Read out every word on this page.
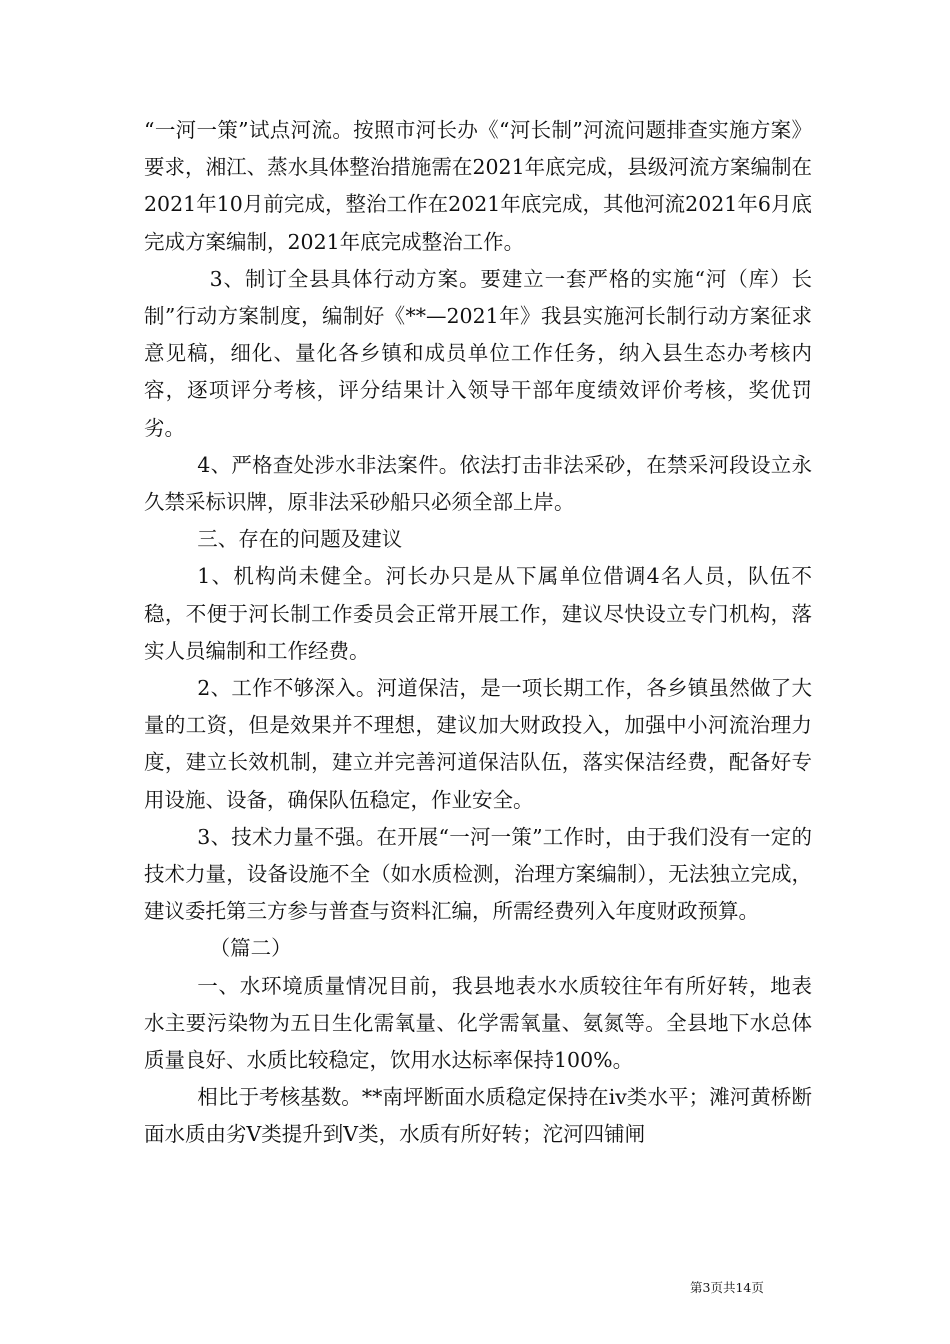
“一河一策”试点河流。按照市河长办《“河长制”河流问题排查实施方案》要求，湘江、蒸水具体整治措施需在2021年底完成，县级河流方案编制在2021年10月前完成，整治工作在2021年底完成，其他河流2021年6月底完成方案编制，2021年底完成整治工作。

3、制订全县具体行动方案。要建立一套严格的实施“河（库）长制”行动方案制度，编制好《**—2021年》我县实施河长制行动方案征求意见稿，细化、量化各乡镇和成员单位工作任务，纳入县生态办考核内容，逐项评分考核，评分结果计入领导干部年度绩效评价考核，奖优罚劣。

4、严格查处涉水非法案件。依法打击非法采砂，在禁采河段设立永久禁采标识牌，原非法采砂船只必须全部上岸。

三、存在的问题及建议

1、机构尚未健全。河长办只是从下属单位借调4名人员，队伍不稳，不便于河长制工作委员会正常开展工作，建议尽快设立专门机构，落实人员编制和工作经费。

2、工作不够深入。河道保洁，是一项长期工作，各乡镇虽然做了大量的工资，但是效果并不理想，建议加大财政投入，加强中小河流治理力度，建立长效机制，建立并完善河道保洁队伍，落实保洁经费，配备好专用设施、设备，确保队伍稳定，作业安全。

3、技术力量不强。在开展“一河一策”工作时，由于我们没有一定的技术力量，设备设施不全（如水质检测，治理方案编制），无法独立完成，建议委托第三方参与普查与资料汇编，所需经费列入年度财政预算。

（篇二）

一、水环境质量情况目前，我县地表水水质较往年有所好转，地表水主要污染物为五日生化需氧量、化学需氧量、氨氮等。全县地下水总体质量良好、水质比较稳定，饮用水达标率保持100%。

相比于考核基数。**南坪断面水质稳定保持在iv类水平；滩河黄桥断面水质由劣Ⅴ类提升到Ⅴ类，水质有所好转；沱河四铺闸

第3页共14页
